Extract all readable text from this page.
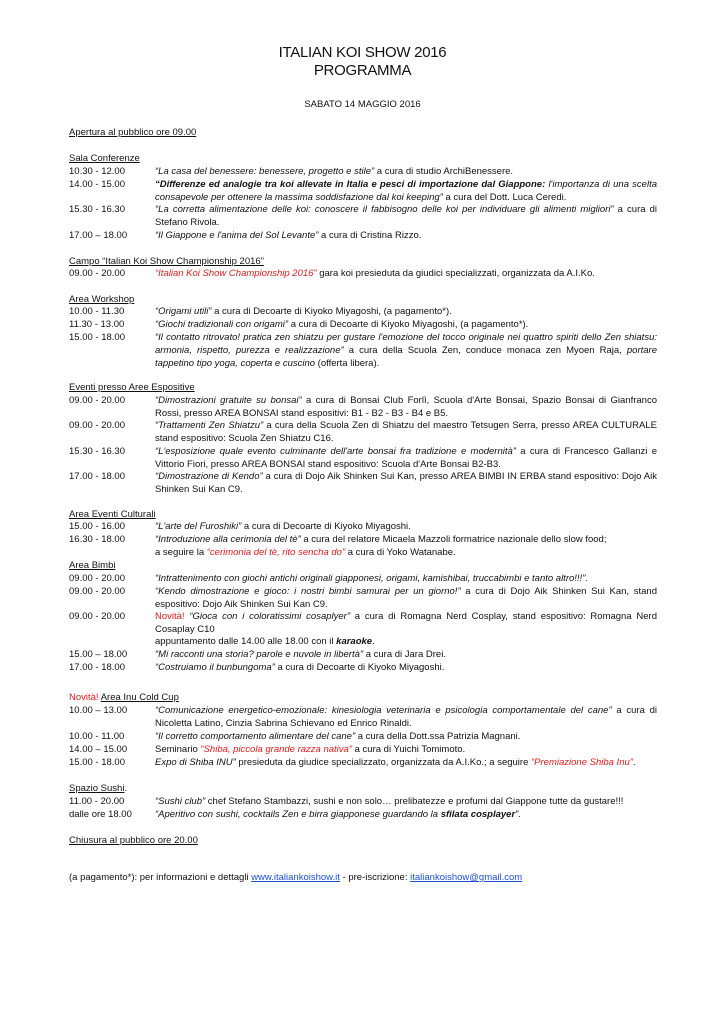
ITALIAN KOI SHOW 2016
PROGRAMMA
SABATO 14 MAGGIO 2016
Apertura al pubblico ore 09.00
Sala Conferenze
10.30 - 12.00	“La casa del benessere: benessere, progetto e stile” a cura di studio ArchiBenessere.
14.00 - 15.00	“Differenze ed analogie tra koi allevate in Italia e pesci di importazione dal Giappone: l'importanza di una scelta consapevole per ottenere la massima soddisfazione dal koi keeping” a cura del Dott. Luca Ceredi.
15.30 - 16.30	“La corretta alimentazione delle koi: conoscere il fabbisogno delle koi per individuare gli alimenti migliori” a cura di Stefano Rivola.
17.00 – 18.00	“Il Giappone e l'anima del Sol Levante” a cura di Cristina Rizzo.
Campo “Italian Koi Show Championship 2016”
09.00 - 20.00	“Italian Koi Show Championship 2016” gara koi presieduta da giudici specializzati, organizzata da A.I.Ko.
Area Workshop
10.00 - 11.30	“Origami utili” a cura di Decoarte di Kiyoko Miyagoshi, (a pagamento*).
11.30 - 13.00	“Giochi tradizionali con origami” a cura di Decoarte di Kiyoko Miyagoshi, (a pagamento*).
15.00 - 18.00	“Il contatto ritrovato! pratica zen shiatzu per gustare l'emozione del tocco originale nei quattro spiriti dello Zen shiatsu: armonia, rispetto, purezza e realizzazione” a cura della Scuola Zen, conduce monaca zen Myoen Raja, portare tappetino tipo yoga, coperta e cuscino (offerta libera).
Eventi presso Aree Espositive
09.00 - 20.00	“Dimostrazioni gratuite su bonsai” a cura di Bonsai Club Forlì, Scuola d'Arte Bonsai, Spazio Bonsai di Gianfranco Rossi, presso AREA BONSAI stand espositivi: B1 - B2 - B3 - B4 e B5.
09.00 - 20.00	“Trattamenti Zen Shiatzu” a cura della Scuola Zen di Shiatzu del maestro Tetsugen Serra, presso AREA CULTURALE stand espositivo: Scuola Zen Shiatzu C16.
15.30 - 16.30	“L'esposizione quale evento culminante dell'arte bonsai fra tradizione e modernità” a cura di Francesco Gallanzi e Vittorio Fiori, presso AREA BONSAI stand espositivo: Scuola d'Arte Bonsai B2-B3.
17.00 - 18.00	“Dimostrazione di Kendo” a cura di Dojo Aik Shinken Sui Kan, presso AREA BIMBI IN ERBA stand espositivo: Dojo Aik Shinken Sui Kan C9.
Area Eventi Culturali
15.00 - 16.00	“L'arte del Furoshiki” a cura di Decoarte di Kiyoko Miyagoshi.
16.30 - 18.00	“Introduzione alla cerimonia del tè” a cura del relatore Micaela Mazzoli formatrice nazionale dello slow food;
a seguire la “cerimonia del tè, rito sencha do” a cura di Yoko Watanabe.
Area Bimbi
09.00 - 20.00	“Intrattenimento con giochi antichi originali giapponesi, origami, kamishibai, truccabimbi e tanto altro!!!”.
09.00 - 20.00	“Kendo dimostrazione e gioco: i nostri bimbi samurai per un giorno!” a cura di Dojo Aik Shinken Sui Kan, stand espositivo: Dojo Aik Shinken Sui Kan C9.
09.00 - 20.00	Novità! “Gioca con i coloratissimi cosaplyer” a cura di Romagna Nerd Cosplay, stand espositivo: Romagna Nerd Cosaplay C10
appuntamento dalle 14.00 alle 18.00 con il karaoke.
15.00 – 18.00	“Mi racconti una storia? parole e nuvole in libertà” a cura di Jara Drei.
17.00 - 18.00	“Costruiamo il bunbungoma” a cura di Decoarte di Kiyoko Miyagoshi.
Novità! Area Inu Cold Cup
10.00 – 13.00	“Comunicazione energetico-emozionale: kinesiologia veterinaria e psicologia comportamentale del cane” a cura di Nicoletta Latino, Cinzia Sabrina Schievano ed Enrico Rinaldi.
10.00 - 11.00	“Il corretto comportamento alimentare del cane” a cura della Dott.ssa Patrizia Magnani.
14.00 – 15.00	Seminario “Shiba, piccola grande razza nativa” a cura di Yuichi Tomimoto.
15.00 - 18.00	Expo di Shiba INU” presieduta da giudice specializzato, organizzata da A.I.Ko.; a seguire “Premiazione Shiba Inu”.
Spazio Sushi.
11.00 - 20.00	“Sushi club” chef Stefano Stambazzi, sushi e non solo… prelibatezze e profumi dal Giappone tutte da gustare!!!
dalle ore 18.00 “Aperitivo con sushi, cocktails Zen e birra giapponese guardando la sfilata cosplayer”.
Chiusura al pubblico ore 20.00
(a pagamento*): per informazioni e dettagli www.italiankoishow.it - pre-iscrizione: italiankoishow@gmail.com
